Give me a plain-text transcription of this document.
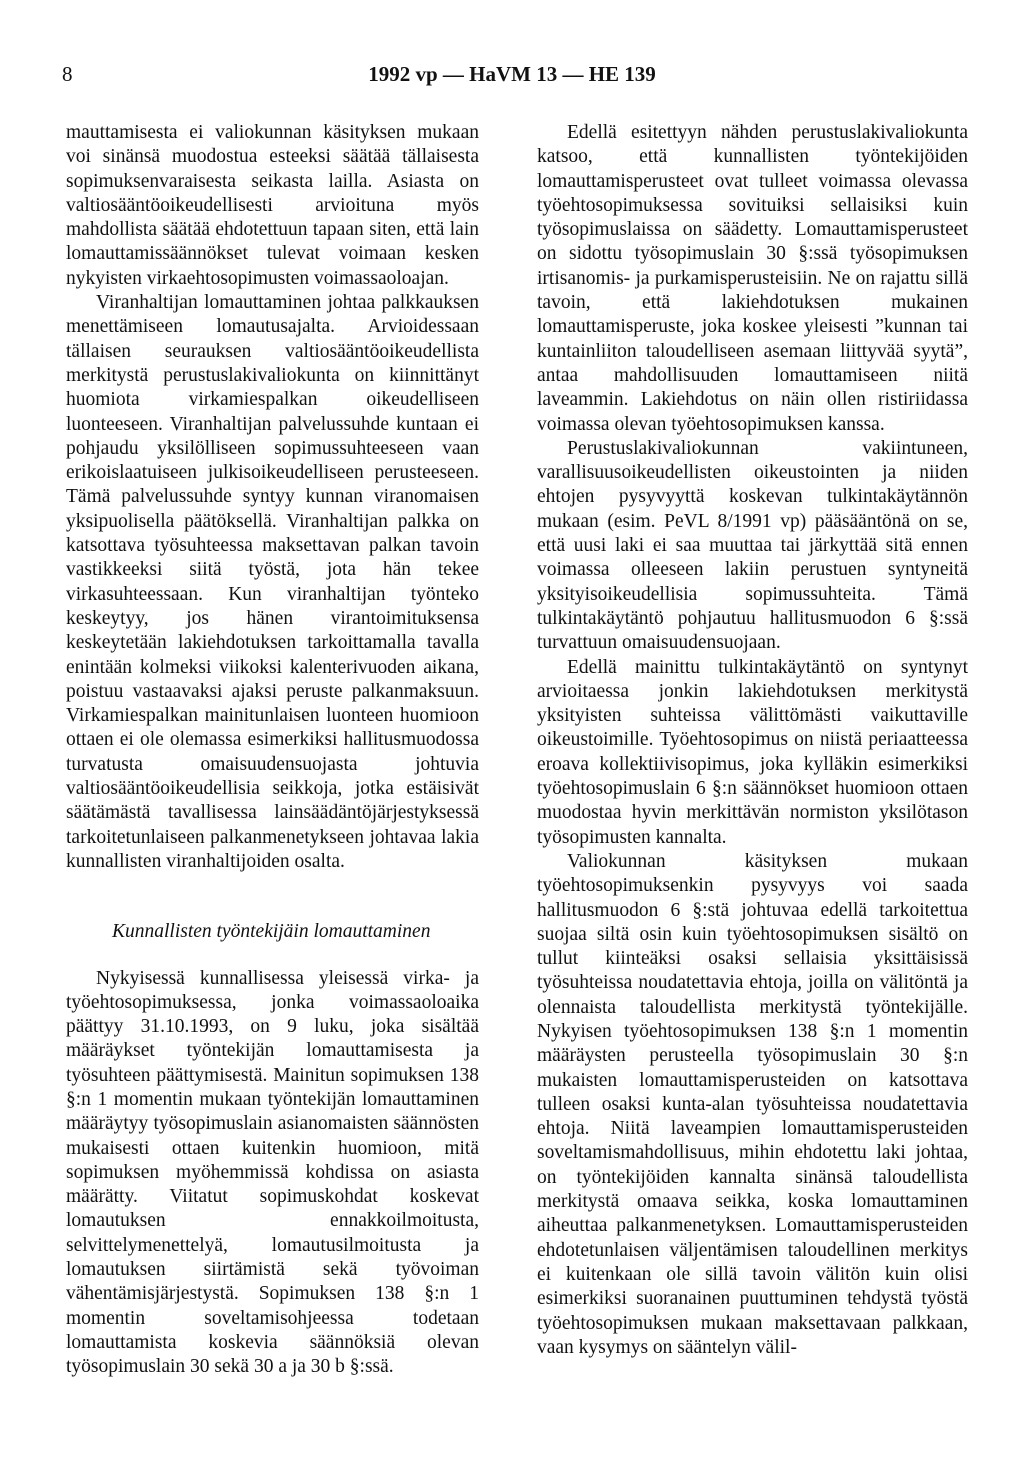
8	1992 vp — HaVM 13 — HE 139

mauttamisesta ei valiokunnan käsityksen mukaan voi sinänsä muodostua esteeksi säätää tällaisesta sopimuksenvaraisesta seikasta lailla. Asiasta on valtiosääntöoikeudellisesti arvioituna myös mahdollista säätää ehdotettuun tapaan siten, että lain lomauttamissäännökset tulevat voimaan kesken nykyisten virkaehtosopimusten voimassaoloajan.

Viranhaltijan lomauttaminen johtaa palkkauksen menettämiseen lomautusajalta. Arvioidessaan tällaisen seurauksen valtiosääntöoikeudellista merkitystä perustuslakivaliokunta on kiinnittänyt huomiota virkamiespalkan oikeudelliseen luonteeseen. Viranhaltijan palvelussuhde kuntaan ei pohjaudu yksilölliseen sopimussuhteeseen vaan erikoislaatuiseen julkisoikeudelliseen perusteeseen. Tämä palvelussuhde syntyy kunnan viranomaisen yksipuolisella päätöksellä. Viranhaltijan palkka on katsottava työsuhteessa maksettavan palkan tavoin vastikkeeksi siitä työstä, jota hän tekee virkasuhteessaan. Kun viranhaltijan työnteko keskeytyy, jos hänen virantoimituksensa keskeytetään lakiehdotuksen tarkoittamalla tavalla enintään kolmeksi viikoksi kalenterivuoden aikana, poistuu vastaavaksi ajaksi peruste palkanmaksuun. Virkamiespalkan mainitunlaisen luonteen huomioon ottaen ei ole olemassa esimerkiksi hallitusmuodossa turvatusta omaisuudensuojasta johtuvia valtiosääntöoikeudellisia seikkoja, jotka estäisivät säätämästä tavallisessa lainsäädäntöjärjestyksessä tarkoitetunlaiseen palkanmenetykseen johtavaa lakia kunnallisten viranhaltijoiden osalta.

Kunnallisten työntekijäin lomauttaminen

Nykyisessä kunnallisessa yleisessä virka- ja työehtosopimuksessa, jonka voimassaoloaika päättyy 31.10.1993, on 9 luku, joka sisältää määräykset työntekijän lomauttamisesta ja työsuhteen päättymisestä. Mainitun sopimuksen 138 §:n 1 momentin mukaan työntekijän lomauttaminen määräytyy työsopimuslain asianomaisten säännösten mukaisesti ottaen kuitenkin huomioon, mitä sopimuksen myöhemmissä kohdissa on asiasta määrätty. Viitatut sopimuskohdat koskevat lomautuksen ennakkoilmoitusta, selvittelymenettelyä, lomautusilmoitusta ja lomautuksen siirtämistä sekä työvoiman vähentämisjärjestystä. Sopimuksen 138 §:n 1 momentin soveltamisohjeessa todetaan lomauttamista koskevia säännöksiä olevan työsopimuslain 30 sekä 30 a ja 30 b §:ssä.

Edellä esitettyyn nähden perustuslakivaliokunta katsoo, että kunnallisten työntekijöiden lomauttamisperusteet ovat tulleet voimassa olevassa työehtosopimuksessa sovituiksi sellaisiksi kuin työsopimuslaissa on säädetty. Lomauttamisperusteet on sidottu työsopimuslain 30 §:ssä työsopimuksen irtisanomis- ja purkamisperusteisiin. Ne on rajattu sillä tavoin, että lakiehdotuksen mukainen lomauttamisperuste, joka koskee yleisesti ”kunnan tai kuntainliiton taloudelliseen asemaan liittyvää syytä”, antaa mahdollisuuden lomauttamiseen niitä laveammin. Lakiehdotus on näin ollen ristiriidassa voimassa olevan työehtosopimuksen kanssa.

Perustuslakivaliokunnan vakiintuneen, varallisuusoikeudellisten oikeustointen ja niiden ehtojen pysyvyyttä koskevan tulkintakäytännön mukaan (esim. PeVL 8/1991 vp) pääsääntönä on se, että uusi laki ei saa muuttaa tai järkyttää sitä ennen voimassa olleeseen lakiin perustuen syntyneitä yksityisoikeudellisia sopimussuhteita. Tämä tulkintakäytäntö pohjautuu hallitusmuodon 6 §:ssä turvattuun omaisuudensuojaan.

Edellä mainittu tulkintakäytäntö on syntynyt arvioitaessa jonkin lakiehdotuksen merkitystä yksityisten suhteissa välittömästi vaikuttaville oikeustoimille. Työehtosopimus on niistä periaatteessa eroava kollektiivisopimus, joka kylläkin esimerkiksi työehtosopimuslain 6 §:n säännökset huomioon ottaen muodostaa hyvin merkittävän normiston yksilötason työsopimusten kannalta.

Valiokunnan käsityksen mukaan työehtosopimuksenkin pysyvyys voi saada hallitusmuodon 6 §:stä johtuvaa edellä tarkoitettua suojaa siltä osin kuin työehtosopimuksen sisältö on tullut kiinteäksi osaksi sellaisia yksittäisissä työsuhteissa noudatettavia ehtoja, joilla on välitöntä ja olennaista taloudellista merkitystä työntekijälle. Nykyisen työehtosopimuksen 138 §:n 1 momentin määräysten perusteella työsopimuslain 30 §:n mukaisten lomauttamisperusteiden on katsottava tulleen osaksi kunta-alan työsuhteissa noudatettavia ehtoja. Niitä laveampien lomauttamisperusteiden soveltamismahdollisuus, mihin ehdotettu laki johtaa, on työntekijöiden kannalta sinänsä taloudellista merkitystä omaava seikka, koska lomauttaminen aiheuttaa palkanmenetyksen. Lomauttamisperusteiden ehdotetunlaisen väljentämisen taloudellinen merkitys ei kuitenkaan ole sillä tavoin välitön kuin olisi esimerkiksi suoranainen puuttuminen tehdystä työstä työehtosopimuksen mukaan maksettavaan palkkaan, vaan kysymys on sääntelyn välil-
